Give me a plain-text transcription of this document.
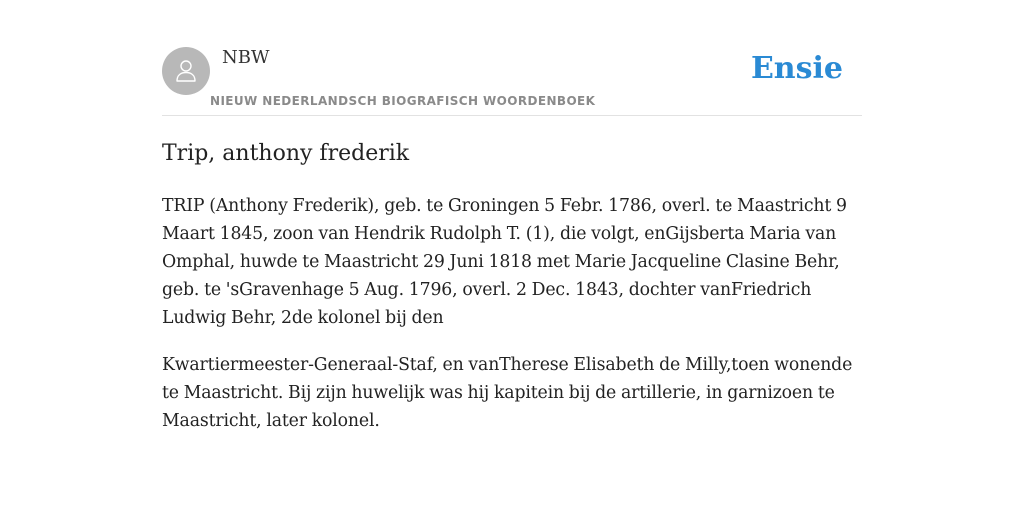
NBW
NIEUW NEDERLANDSCH BIOGRAFISCH WOORDENBOEK
Ensie
Trip, anthony frederik

TRIP (Anthony Frederik), geb. te Groningen 5 Febr. 1786, overl. te Maastricht 9 Maart 1845, zoon van Hendrik Rudolph T. (1), die volgt, enGijsberta Maria van Omphal, huwde te Maastricht 29 Juni 1818 met Marie Jacqueline Clasine Behr, geb. te 'sGravenhage 5 Aug. 1796, overl. 2 Dec. 1843, dochter vanFriedrich Ludwig Behr, 2de kolonel bij den

Kwartiermeester-Generaal-Staf, en vanTherese Elisabeth de Milly,toen wonende te Maastricht. Bij zijn huwelijk was hij kapitein bij de artillerie, in garnizoen te Maastricht, later kolonel.
